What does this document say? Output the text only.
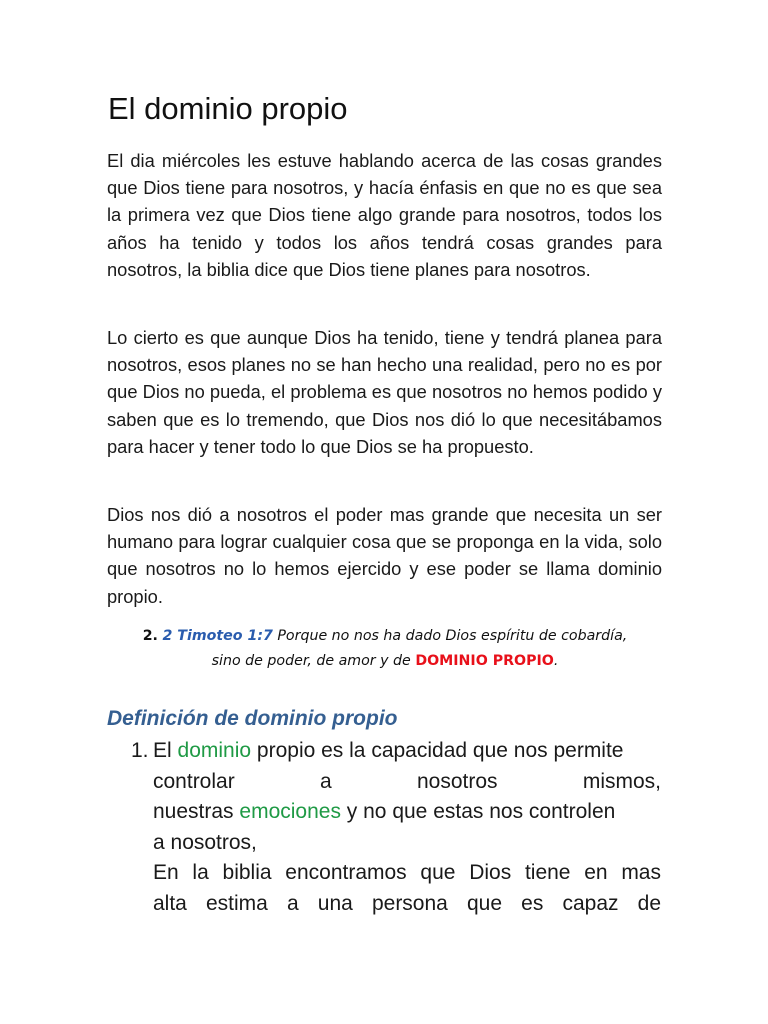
El dominio propio

El dia miércoles les estuve hablando acerca de las cosas grandes que Dios tiene para nosotros, y hacía énfasis en que no es que sea la primera vez que Dios tiene algo grande para nosotros, todos los años ha tenido y todos los años tendrá cosas grandes para nosotros, la biblia dice que Dios tiene planes para nosotros.

Lo cierto es que aunque Dios ha tenido, tiene y tendrá planea para nosotros, esos planes no se han hecho una realidad, pero no es por que Dios no pueda, el problema es que nosotros no hemos podido y saben que es lo tremendo, que Dios nos dió lo que necesitábamos para hacer y tener todo lo que Dios se ha propuesto.

Dios nos dió a nosotros el poder mas grande que necesita un ser humano para lograr cualquier cosa que se proponga en la vida, solo que nosotros no lo hemos ejercido y ese poder se llama dominio propio.

2. 2 Timoteo 1:7 Porque no nos ha dado Dios espíritu de cobardía,
sino de poder, de amor y de DOMINIO PROPIO.
Definición de dominio propio
1. El dominio propio es la capacidad que nos permite
controlar a nosotros mismos,
nuestras emociones y no que estas nos controlen
a nosotros,
En la biblia encontramos que Dios tiene en mas
alta estima a una persona que es capaz de
